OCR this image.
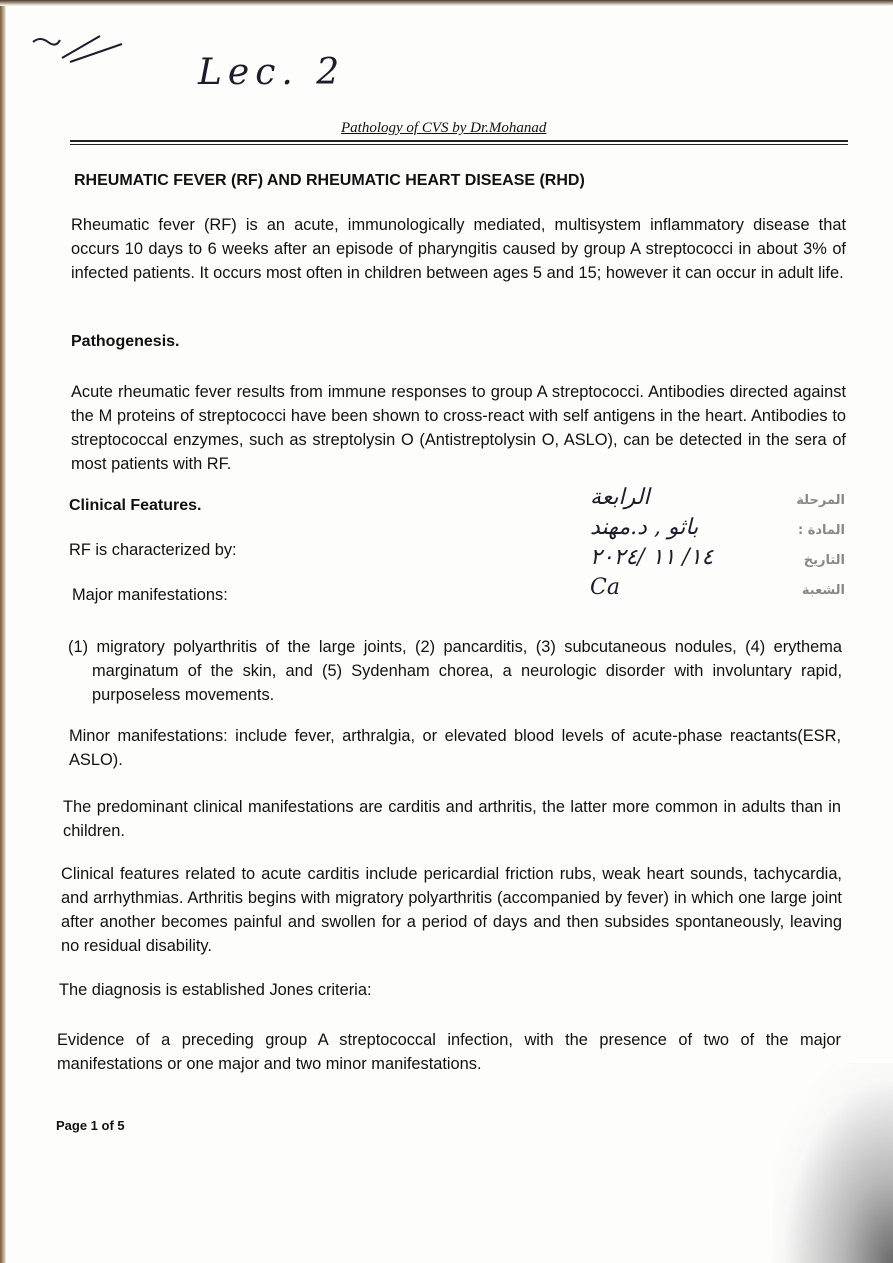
Lec. 2
Pathology of CVS by Dr.Mohanad
RHEUMATIC FEVER (RF) AND RHEUMATIC HEART DISEASE (RHD)
Rheumatic fever (RF) is an acute, immunologically mediated, multisystem inflammatory disease that occurs 10 days to 6 weeks after an episode of pharyngitis caused by group A streptococci in about 3% of infected patients. It occurs most often in children between ages 5 and 15; however it can occur in adult life.
Pathogenesis.
Acute rheumatic fever results from immune responses to group A streptococci. Antibodies directed against the M proteins of streptococci have been shown to cross-react with self antigens in the heart. Antibodies to streptococcal enzymes, such as streptolysin O (Antistreptolysin O, ASLO), can be detected in the sera of most patients with RF.
Clinical Features.
RF is characterized by:
Major manifestations:
المرحلة
الرابعة
المادة :
باثو , د.مهند
التاريخ
١٤/ ١١ /٢٠٢٤
الشعبة
Ca
(1) migratory polyarthritis of the large joints, (2) pancarditis, (3) subcutaneous nodules, (4) erythema marginatum of the skin, and (5) Sydenham chorea, a neurologic disorder with involuntary rapid, purposeless movements.
Minor manifestations: include fever, arthralgia, or elevated blood levels of acute-phase reactants(ESR, ASLO).
The predominant clinical manifestations are carditis and arthritis, the latter more common in adults than in children.
Clinical features related to acute carditis include pericardial friction rubs, weak heart sounds, tachycardia, and arrhythmias. Arthritis begins with migratory polyarthritis (accompanied by fever) in which one large joint after another becomes painful and swollen for a period of days and then subsides spontaneously, leaving no residual disability.
The diagnosis is established Jones criteria:
Evidence of a preceding group A streptococcal infection, with the presence of two of the major manifestations or one major and two minor manifestations.
Page 1 of 5
